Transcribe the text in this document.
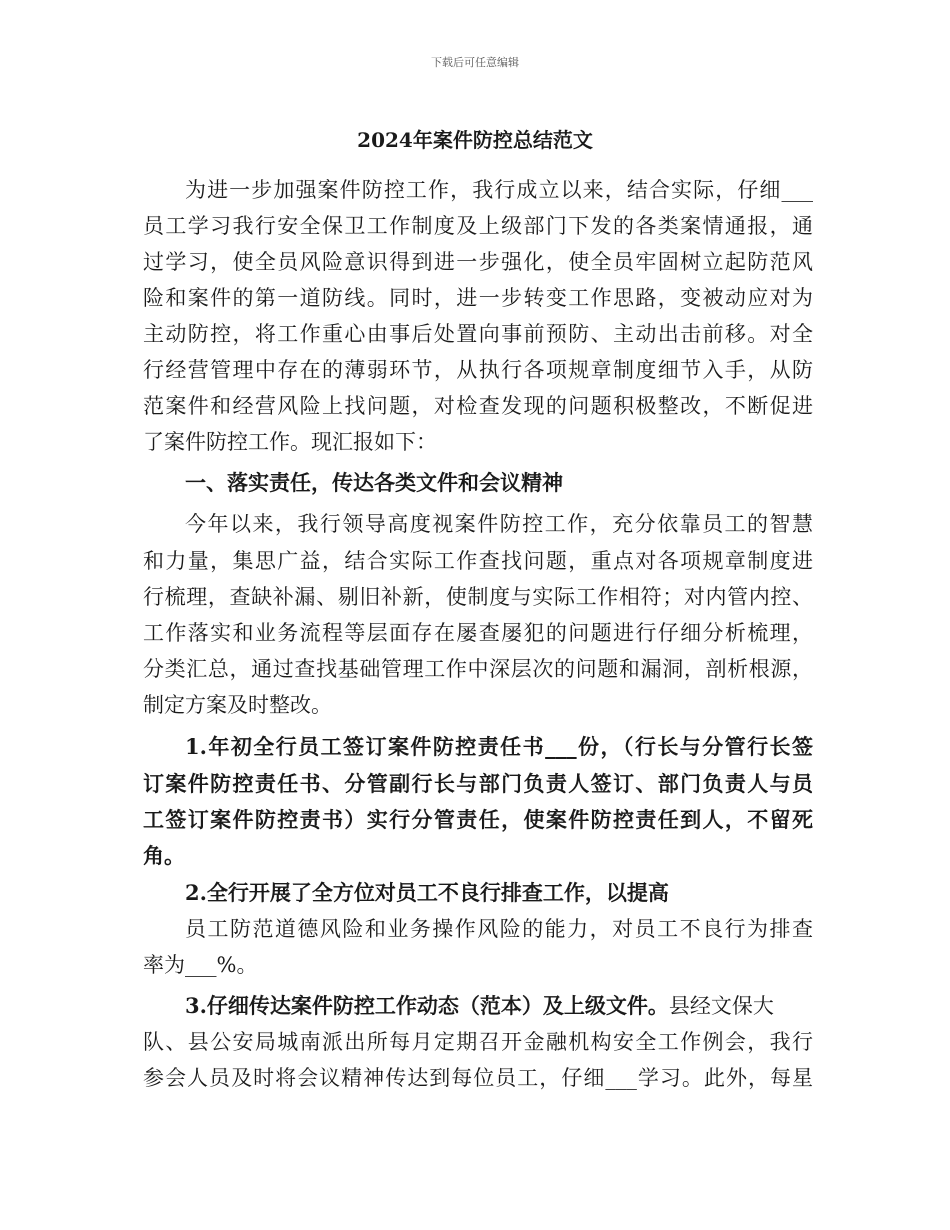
下载后可任意编辑
2024年案件防控总结范文
为进一步加强案件防控工作，我行成立以来，结合实际，仔细___
员工学习我行安全保卫工作制度及上级部门下发的各类案情通报，通
过学习，使全员风险意识得到进一步强化，使全员牢固树立起防范风
险和案件的第一道防线。同时，进一步转变工作思路，变被动应对为
主动防控，将工作重心由事后处置向事前预防、主动出击前移。对全
行经营管理中存在的薄弱环节，从执行各项规章制度细节入手，从防
范案件和经营风险上找问题，对检查发现的问题积极整改，不断促进
了案件防控工作。现汇报如下：
一、落实责任，传达各类文件和会议精神
今年以来，我行领导高度视案件防控工作，充分依靠员工的智慧
和力量，集思广益，结合实际工作查找问题，重点对各项规章制度进
行梳理，查缺补漏、剔旧补新，使制度与实际工作相符；对内管内控、
工作落实和业务流程等层面存在屡查屡犯的问题进行仔细分析梳理，
分类汇总，通过查找基础管理工作中深层次的问题和漏洞，剖析根源，
制定方案及时整改。
1.年初全行员工签订案件防控责任书___份，（行长与分管行长签
订案件防控责任书、分管副行长与部门负责人签订、部门负责人与员
工签订案件防控责书）实行分管责任，使案件防控责任到人，不留死
角。
2.全行开展了全方位对员工不良行排查工作，以提高
员工防范道德风险和业务操作风险的能力，对员工不良行为排查
率为___%。
3.仔细传达案件防控工作动态（范本）及上级文件。县经文保大
队、县公安局城南派出所每月定期召开金融机构安全工作例会，我行
参会人员及时将会议精神传达到每位员工，仔细___学习。此外，每星
